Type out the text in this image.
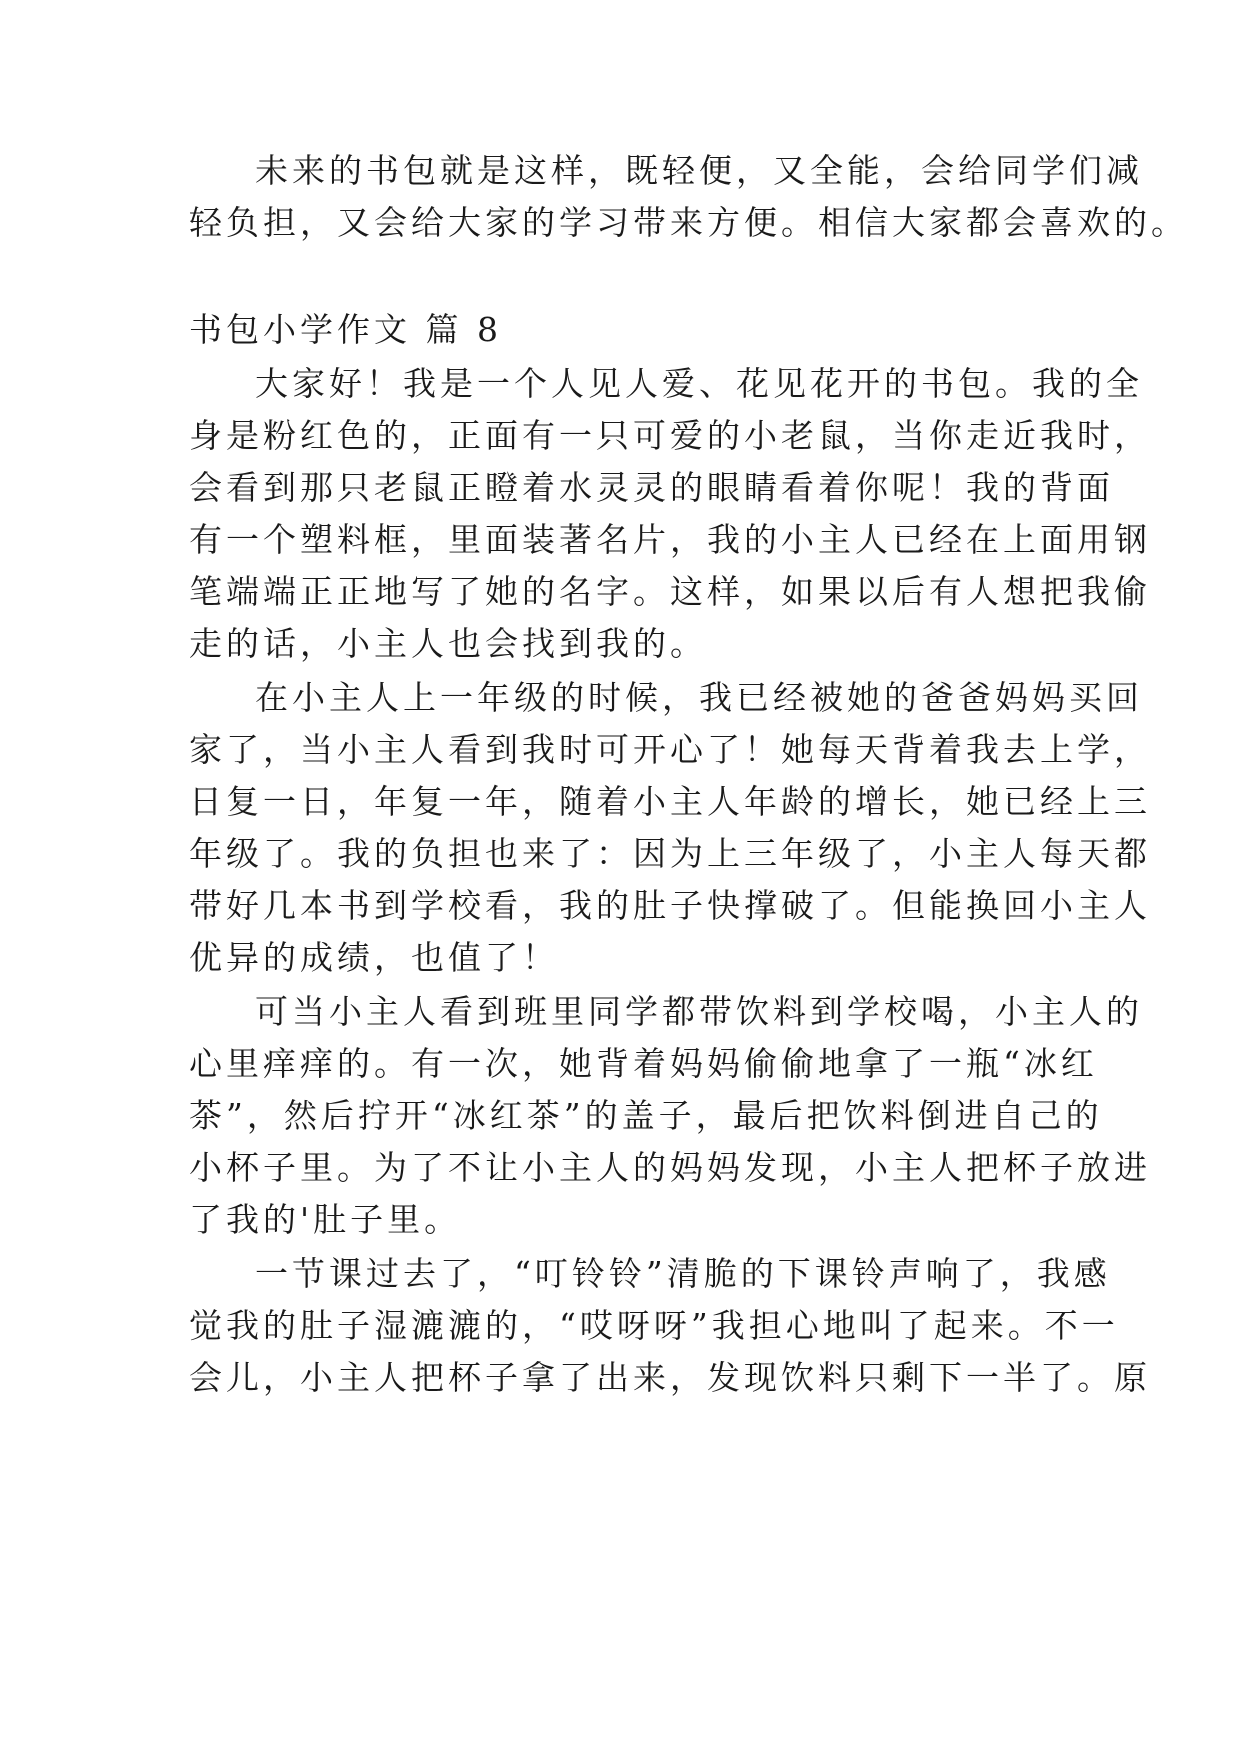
未来的书包就是这样，既轻便，又全能，会给同学们减
轻负担，又会给大家的学习带来方便。相信大家都会喜欢的。
书包小学作文 篇 8
大家好！我是一个人见人爱、花见花开的书包。我的全
身是粉红色的，正面有一只可爱的小老鼠，当你走近我时，
会看到那只老鼠正瞪着水灵灵的眼睛看着你呢！我的背面
有一个塑料框，里面装著名片，我的小主人已经在上面用钢
笔端端正正地写了她的名字。这样，如果以后有人想把我偷
走的话，小主人也会找到我的。
在小主人上一年级的时候，我已经被她的爸爸妈妈买回
家了，当小主人看到我时可开心了！她每天背着我去上学，
日复一日，年复一年，随着小主人年龄的增长，她已经上三
年级了。我的负担也来了：因为上三年级了，小主人每天都
带好几本书到学校看，我的肚子快撑破了。但能换回小主人
优异的成绩，也值了！
可当小主人看到班里同学都带饮料到学校喝，小主人的
心里痒痒的。有一次，她背着妈妈偷偷地拿了一瓶“冰红
茶”，然后拧开“冰红茶”的盖子，最后把饮料倒进自己的
小杯子里。为了不让小主人的妈妈发现，小主人把杯子放进
了我的'肚子里。
一节课过去了，“叮铃铃”清脆的下课铃声响了，我感
觉我的肚子湿漉漉的，“哎呀呀”我担心地叫了起来。不一
会儿，小主人把杯子拿了出来，发现饮料只剩下一半了。原
